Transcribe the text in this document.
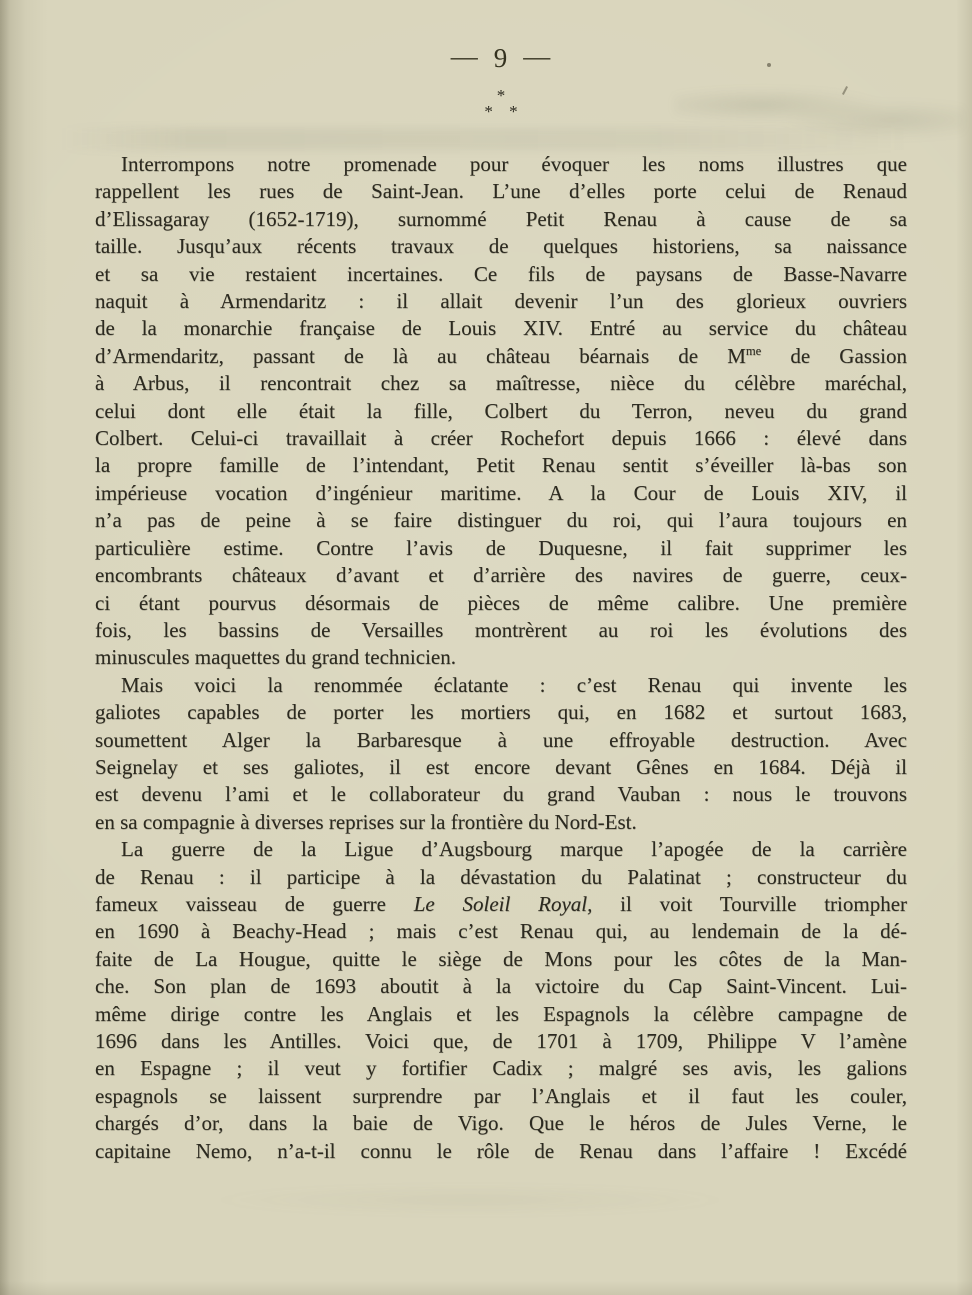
— 9 —
*
* *
Interrompons notre promenade pour évoquer les noms illustres que
rappellent les rues de Saint-Jean. L’une d’elles porte celui de Renaud
d’Elissagaray (1652-1719), surnommé Petit Renau à cause de sa
taille. Jusqu’aux récents travaux de quelques historiens, sa naissance
et sa vie restaient incertaines. Ce fils de paysans de Basse-Navarre
naquit à Armendaritz : il allait devenir l’un des glorieux ouvriers
de la monarchie française de Louis XIV. Entré au service du château
d’Armendaritz, passant de là au château béarnais de $M^{me}$ de Gassion
à Arbus, il rencontrait chez sa maîtresse, nièce du célèbre maréchal,
celui dont elle était la fille, Colbert du Terron, neveu du grand
Colbert. Celui-ci travaillait à créer Rochefort depuis 1666 : élevé dans
la propre famille de l’intendant, Petit Renau sentit s’éveiller là-bas son
impérieuse vocation d’ingénieur maritime. A la Cour de Louis XIV, il
n’a pas de peine à se faire distinguer du roi, qui l’aura toujours en
particulière estime. Contre l’avis de Duquesne, il fait supprimer les
encombrants châteaux d’avant et d’arrière des navires de guerre, ceux-
ci étant pourvus désormais de pièces de même calibre. Une première
fois, les bassins de Versailles montrèrent au roi les évolutions des
minuscules maquettes du grand technicien.
Mais voici la renommée éclatante : c’est Renau qui invente les
galiotes capables de porter les mortiers qui, en 1682 et surtout 1683,
soumettent Alger la Barbaresque à une effroyable destruction. Avec
Seignelay et ses galiotes, il est encore devant Gênes en 1684. Déjà il
est devenu l’ami et le collaborateur du grand Vauban : nous le trouvons
en sa compagnie à diverses reprises sur la frontière du Nord-Est.
La guerre de la Ligue d’Augsbourg marque l’apogée de la carrière
de Renau : il participe à la dévastation du Palatinat ; constructeur du
fameux vaisseau de guerre Le Soleil Royal, il voit Tourville triompher
en 1690 à Beachy-Head ; mais c’est Renau qui, au lendemain de la dé-
faite de La Hougue, quitte le siège de Mons pour les côtes de la Man-
che. Son plan de 1693 aboutit à la victoire du Cap Saint-Vincent. Lui-
même dirige contre les Anglais et les Espagnols la célèbre campagne de
1696 dans les Antilles. Voici que, de 1701 à 1709, Philippe V l’amène
en Espagne ; il veut y fortifier Cadix ; malgré ses avis, les galions
espagnols se laissent surprendre par l’Anglais et il faut les couler,
chargés d’or, dans la baie de Vigo. Que le héros de Jules Verne, le
capitaine Nemo, n’a-t-il connu le rôle de Renau dans l’affaire ! Excédé
